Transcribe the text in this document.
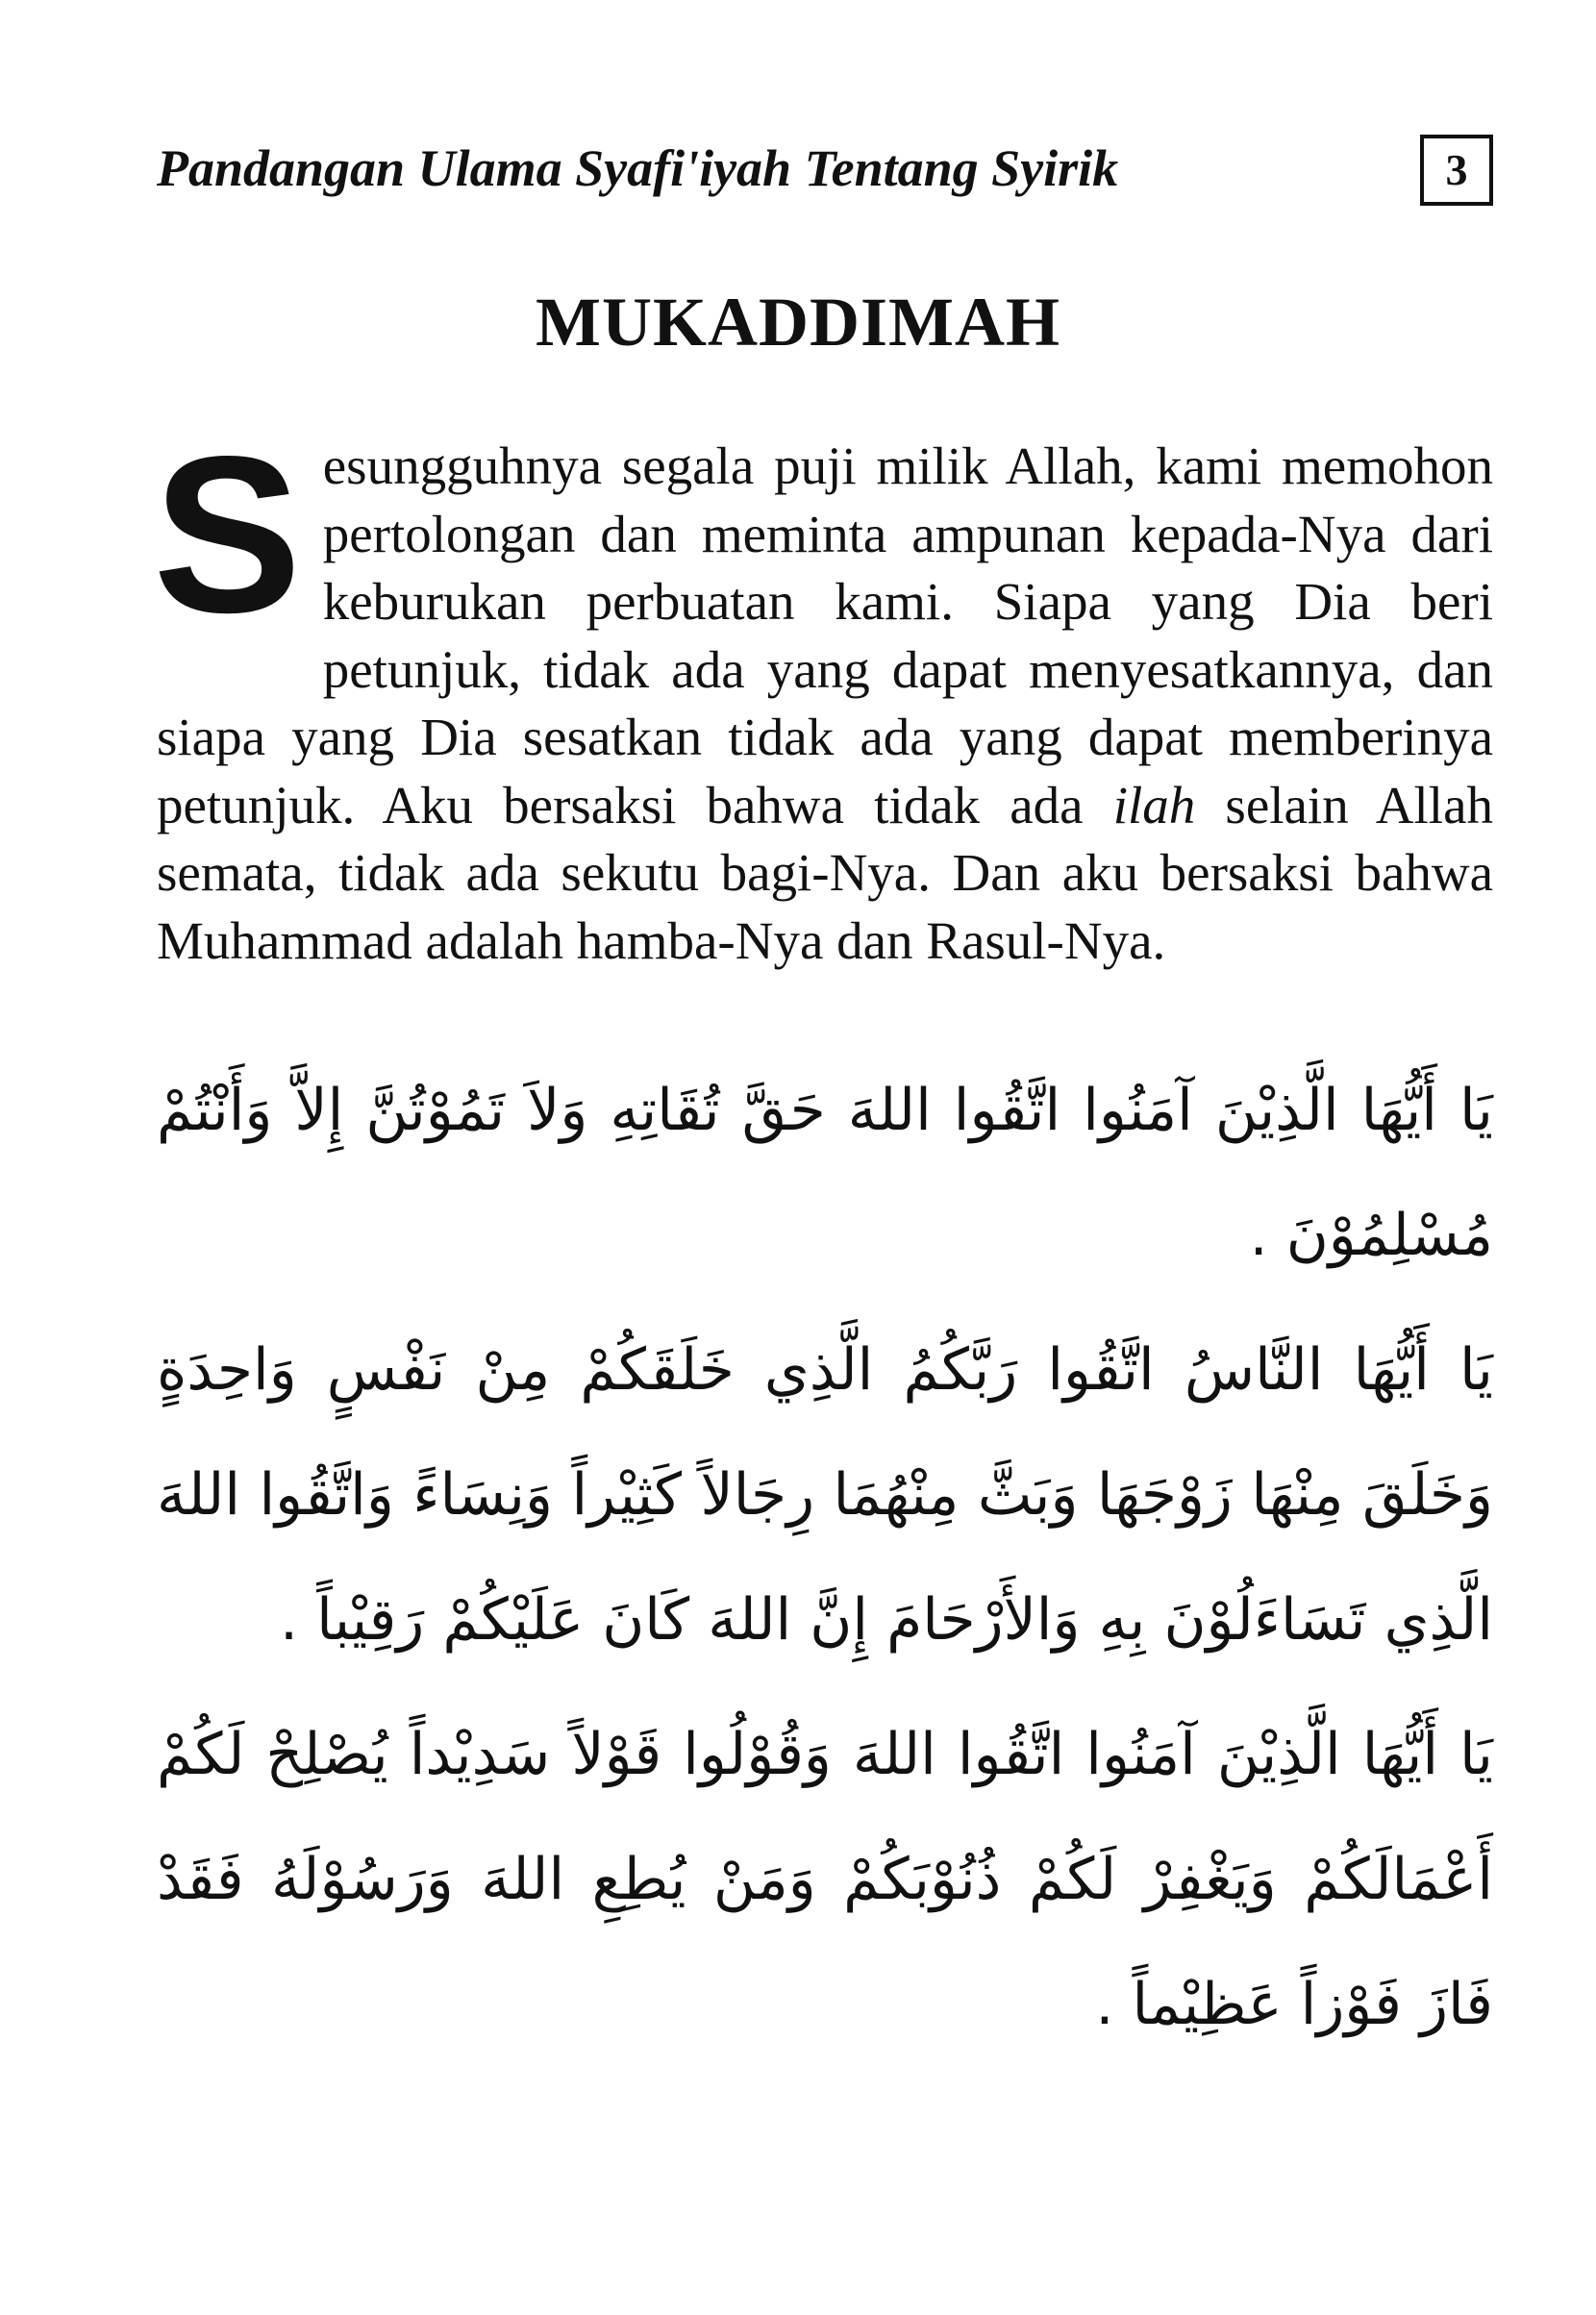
Pandangan Ulama Syafi'iyah Tentang Syirik	3
MUKADDIMAH

Sesungguhnya segala puji milik Allah, kami memohon pertolongan dan meminta ampunan kepada-Nya dari keburukan perbuatan kami. Siapa yang Dia beri petunjuk, tidak ada yang dapat menyesatkannya, dan siapa yang Dia sesatkan tidak ada yang dapat memberinya petunjuk. Aku bersaksi bahwa tidak ada ilah selain Allah semata, tidak ada sekutu bagi-Nya. Dan aku bersaksi bahwa Muhammad adalah hamba-Nya dan Rasul-Nya.

يَا أَيُّهَا الَّذِيْنَ آمَنُوا اتَّقُوا اللهَ حَقَّ تُقَاتِهِ وَلاَ تَمُوْتُنَّ إِلاَّ وَأَنْتُمْ مُسْلِمُوْنَ .
يَا أَيُّهَا النَّاسُ اتَّقُوا رَبَّكُمُ الَّذِي خَلَقَكُمْ مِنْ نَفْسٍ وَاحِدَةٍ وَخَلَقَ مِنْهَا زَوْجَهَا وَبَثَّ مِنْهُمَا رِجَالاً كَثِيْراً وَنِسَاءً وَاتَّقُوا اللهَ الَّذِي تَسَاءَلُوْنَ بِهِ وَالأَرْحَامَ إِنَّ اللهَ كَانَ عَلَيْكُمْ رَقِيْباً .
يَا أَيُّهَا الَّذِيْنَ آمَنُوا اتَّقُوا اللهَ وَقُوْلُوا قَوْلاً سَدِيْداً يُصْلِحْ لَكُمْ أَعْمَالَكُمْ وَيَغْفِرْ لَكُمْ ذُنُوْبَكُمْ وَمَنْ يُطِعِ اللهَ وَرَسُوْلَهُ فَقَدْ فَازَ فَوْزاً عَظِيْماً .
